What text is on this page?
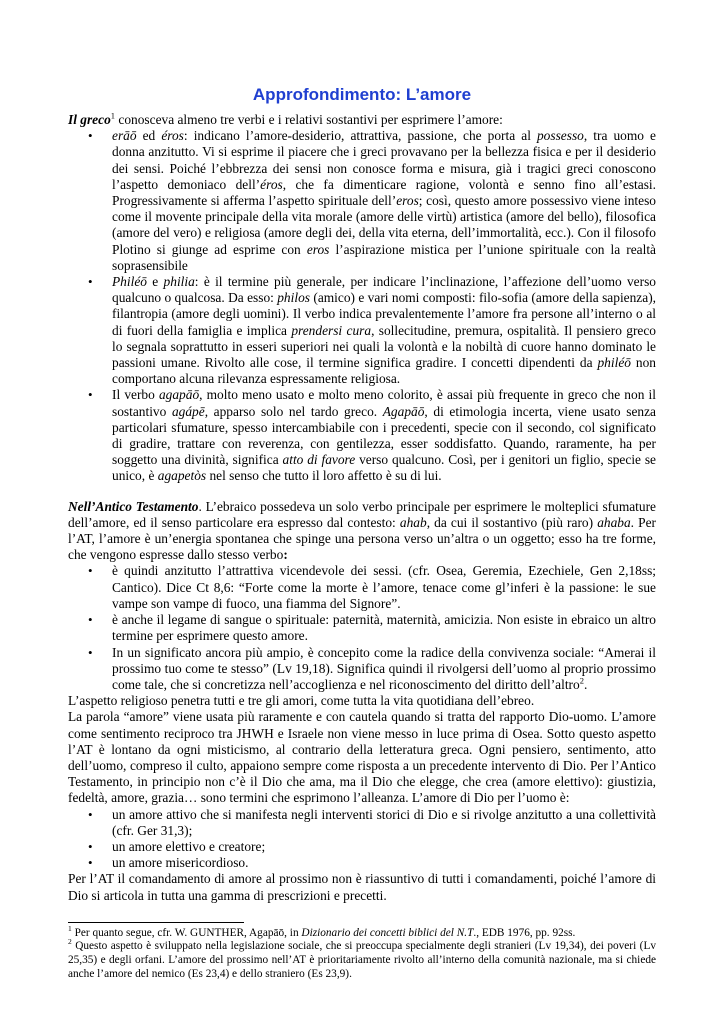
Approfondimento: L’amore

Il greco$^1$ conosceva almeno tre verbi e i relativi sostantivi per esprimere l’amore:

• erāō ed éros: indicano l’amore-desiderio, attrattiva, passione, che porta al possesso, tra uomo e donna anzitutto. Vi si esprime il piacere che i greci provavano per la bellezza fisica e per il desiderio dei sensi. Poiché l’ebbrezza dei sensi non conosce forma e misura, già i tragici greci conoscono l’aspetto demoniaco dell’éros, che fa dimenticare ragione, volontà e senno fino all’estasi. Progressivamente si afferma l’aspetto spirituale dell’eros; così, questo amore possessivo viene inteso come il movente principale della vita morale (amore delle virtù) artistica (amore del bello), filosofica (amore del vero) e religiosa (amore degli dei, della vita eterna, dell’immortalità, ecc.). Con il filosofo Plotino si giunge ad esprime con eros l’aspirazione mistica per l’unione spirituale con la realtà soprasensibile
• Philéō e philia: è il termine più generale, per indicare l’inclinazione, l’affezione dell’uomo verso qualcuno o qualcosa. Da esso: philos (amico) e vari nomi composti: filo-sofia (amore della sapienza), filantropia (amore degli uomini). Il verbo indica prevalentemente l’amore fra persone all’interno o al di fuori della famiglia e implica prendersi cura, sollecitudine, premura, ospitalità. Il pensiero greco lo segnala soprattutto in esseri superiori nei quali la volontà e la nobiltà di cuore hanno dominato le passioni umane. Rivolto alle cose, il termine significa gradire. I concetti dipendenti da philéō non comportano alcuna rilevanza espressamente religiosa.
• Il verbo agapāō, molto meno usato e molto meno colorito, è assai più frequente in greco che non il sostantivo agápē, apparso solo nel tardo greco. Agapāō, di etimologia incerta, viene usato senza particolari sfumature, spesso intercambiabile con i precedenti, specie con il secondo, col significato di gradire, trattare con reverenza, con gentilezza, esser soddisfatto. Quando, raramente, ha per soggetto una divinità, significa atto di favore verso qualcuno. Così, per i genitori un figlio, specie se unico, è agapetòs nel senso che tutto il loro affetto è su di lui.

Nell’Antico Testamento. L’ebraico possedeva un solo verbo principale per esprimere le molteplici sfumature dell’amore, ed il senso particolare era espresso dal contesto: ahab, da cui il sostantivo (più raro) ahaba. Per l’AT, l’amore è un’energia spontanea che spinge una persona verso un’altra o un oggetto; esso ha tre forme, che vengono espresse dallo stesso verbo:

• è quindi anzitutto l’attrattiva vicendevole dei sessi. (cfr. Osea, Geremia, Ezechiele, Gen 2,18ss; Cantico). Dice Ct 8,6: “Forte come la morte è l’amore, tenace come gl’inferi è la passione: le sue vampe son vampe di fuoco, una fiamma del Signore”.
• è anche il legame di sangue o spirituale: paternità, maternità, amicizia. Non esiste in ebraico un altro termine per esprimere questo amore.
• In un significato ancora più ampio, è concepito come la radice della convivenza sociale: “Amerai il prossimo tuo come te stesso” (Lv 19,18). Significa quindi il rivolgersi dell’uomo al proprio prossimo come tale, che si concretizza nell’accoglienza e nel riconoscimento del diritto dell’altro$^2$.

L’aspetto religioso penetra tutti e tre gli amori, come tutta la vita quotidiana dell’ebreo.

La parola “amore” viene usata più raramente e con cautela quando si tratta del rapporto Dio-uomo. L’amore come sentimento reciproco tra JHWH e Israele non viene messo in luce prima di Osea. Sotto questo aspetto l’AT è lontano da ogni misticismo, al contrario della letteratura greca. Ogni pensiero, sentimento, atto dell’uomo, compreso il culto, appaiono sempre come risposta a un precedente intervento di Dio. Per l’Antico Testamento, in principio non c’è il Dio che ama, ma il Dio che elegge, che crea (amore elettivo): giustizia, fedeltà, amore, grazia… sono termini che esprimono l’alleanza. L’amore di Dio per l’uomo è:

• un amore attivo che si manifesta negli interventi storici di Dio e si rivolge anzitutto a una collettività (cfr. Ger 31,3);
• un amore elettivo e creatore;
• un amore misericordioso.

Per l’AT il comandamento di amore al prossimo non è riassuntivo di tutti i comandamenti, poiché l’amore di Dio si articola in tutta una gamma di prescrizioni e precetti.

$^1$ Per quanto segue, cfr. W. GUNTHER, Agapāō, in Dizionario dei concetti biblici del N.T., EDB 1976, pp. 92ss.

$^2$ Questo aspetto è sviluppato nella legislazione sociale, che si preoccupa specialmente degli stranieri (Lv 19,34), dei poveri (Lv 25,35) e degli orfani. L’amore del prossimo nell’AT è prioritariamente rivolto all’interno della comunità nazionale, ma si chiede anche l’amore del nemico (Es 23,4) e dello straniero (Es 23,9).
